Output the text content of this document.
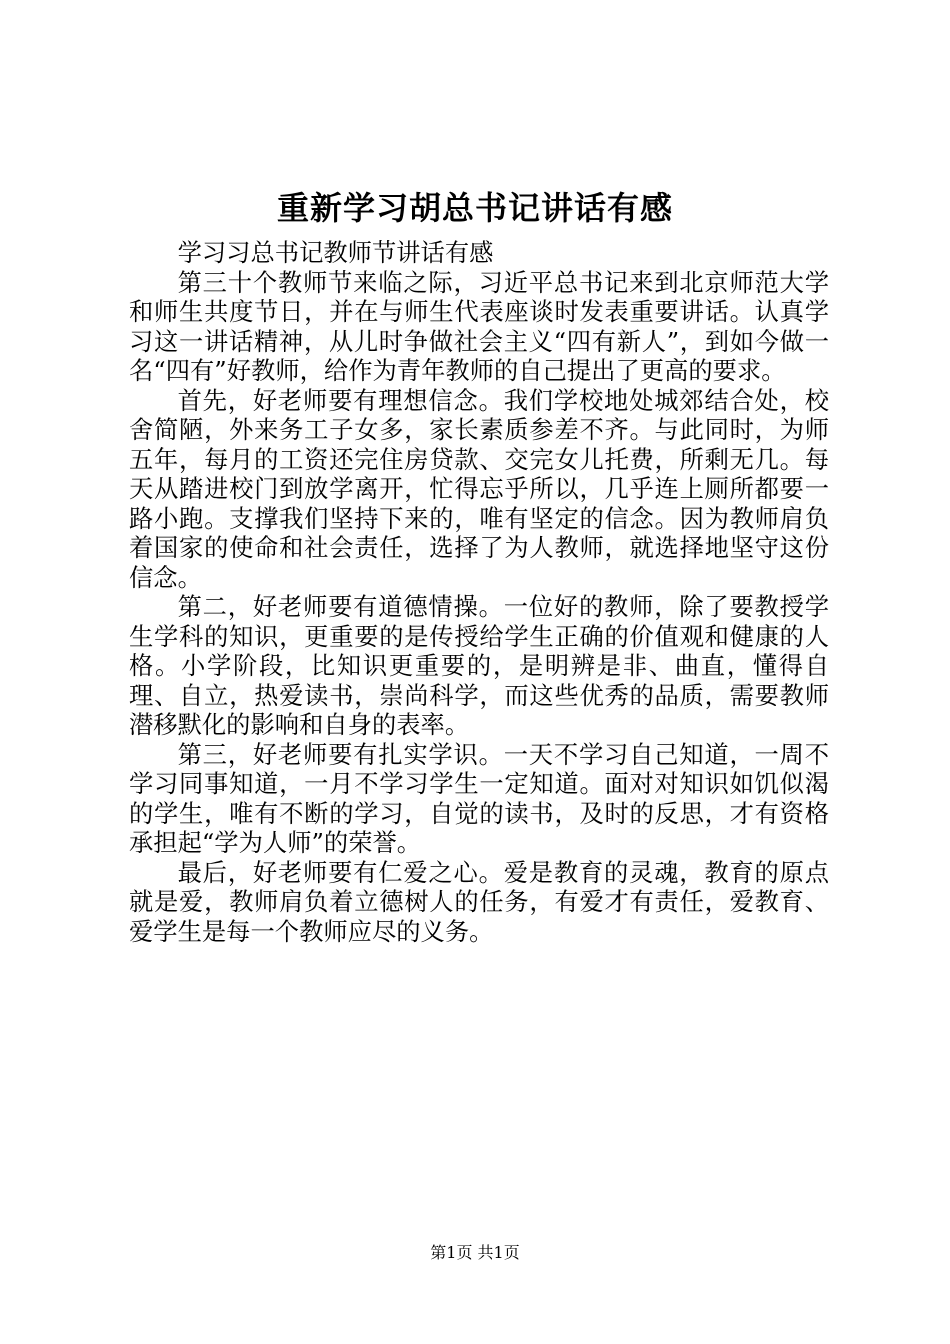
重新学习胡总书记讲话有感

学习习总书记教师节讲话有感

第三十个教师节来临之际，习近平总书记来到北京师范大学和师生共度节日，并在与师生代表座谈时发表重要讲话。认真学习这一讲话精神，从儿时争做社会主义“四有新人”，到如今做一名“四有”好教师，给作为青年教师的自己提出了更高的要求。

首先，好老师要有理想信念。我们学校地处城郊结合处，校舍简陋，外来务工子女多，家长素质参差不齐。与此同时，为师五年，每月的工资还完住房贷款、交完女儿托费，所剩无几。每天从踏进校门到放学离开，忙得忘乎所以，几乎连上厕所都要一路小跑。支撑我们坚持下来的，唯有坚定的信念。因为教师肩负着国家的使命和社会责任，选择了为人教师，就选择地坚守这份信念。

第二，好老师要有道德情操。一位好的教师，除了要教授学生学科的知识，更重要的是传授给学生正确的价值观和健康的人格。小学阶段，比知识更重要的，是明辨是非、曲直，懂得自理、自立，热爱读书，崇尚科学，而这些优秀的品质，需要教师潜移默化的影响和自身的表率。

第三，好老师要有扎实学识。一天不学习自己知道，一周不学习同事知道，一月不学习学生一定知道。面对对知识如饥似渴的学生，唯有不断的学习，自觉的读书，及时的反思，才有资格承担起“学为人师”的荣誉。

最后，好老师要有仁爱之心。爱是教育的灵魂，教育的原点就是爱，教师肩负着立德树人的任务，有爱才有责任，爱教育、爱学生是每一个教师应尽的义务。

第1页 共1页
